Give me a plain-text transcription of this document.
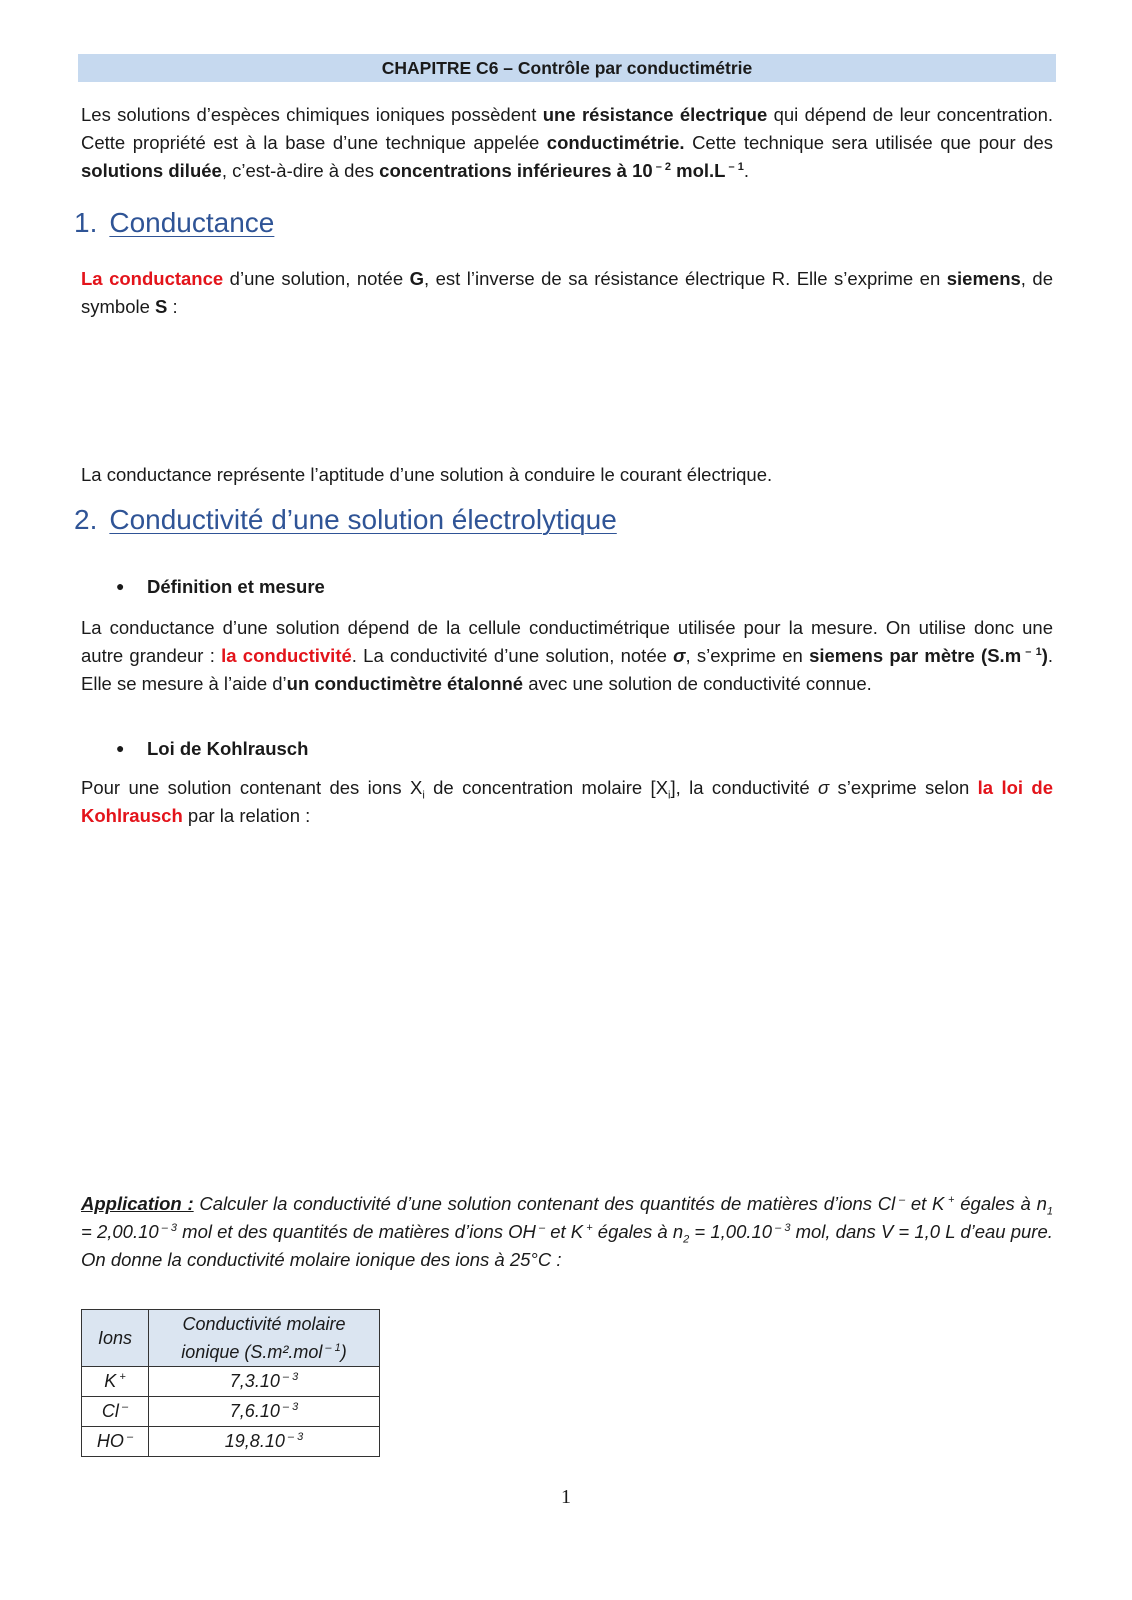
CHAPITRE C6 – Contrôle par conductimétrie
Les solutions d’espèces chimiques ioniques possèdent une résistance électrique qui dépend de leur concentration. Cette propriété est à la base d’une technique appelée conductimétrie. Cette technique sera utilisée que pour des solutions diluée, c’est-à-dire à des concentrations inférieures à 10 $^{- 2}$ mol.L $^{- 1}$.
1. Conductance
La conductance d’une solution, notée G, est l’inverse de sa résistance électrique R. Elle s’exprime en siemens, de symbole S :
La conductance représente l’aptitude d’une solution à conduire le courant électrique.
2. Conductivité d’une solution électrolytique
● Définition et mesure
La conductance d’une solution dépend de la cellule conductimétrique utilisée pour la mesure. On utilise donc une autre grandeur : la conductivité. La conductivité d’une solution, notée σ, s’exprime en siemens par mètre (S.m $^{- 1}$). Elle se mesure à l’aide d’un conductimètre étalonné avec une solution de conductivité connue.
● Loi de Kohlrausch
Pour une solution contenant des ions $X_i$ de concentration molaire $[X_i]$, la conductivité σ s’exprime selon la loi de Kohlrausch par la relation :
Application : Calculer la conductivité d’une solution contenant des quantités de matières d’ions Cl – et K + égales à $n_1 = 2,00.10$ $^{- 3}$ mol et des quantités de matières d’ions OH – et K + égales à $n_2 = 1,00.10$ $^{- 3}$ mol, dans V = 1,0 L d’eau pure.
On donne la conductivité molaire ionique des ions à 25°C :
Ions	Conductivité molaire
ionique (S.m².mol $^{- 1}$)
K +	7,3.10 $^{- 3}$
Cl –	7,6.10 $^{- 3}$
HO –	19,8.10 $^{- 3}$
1
